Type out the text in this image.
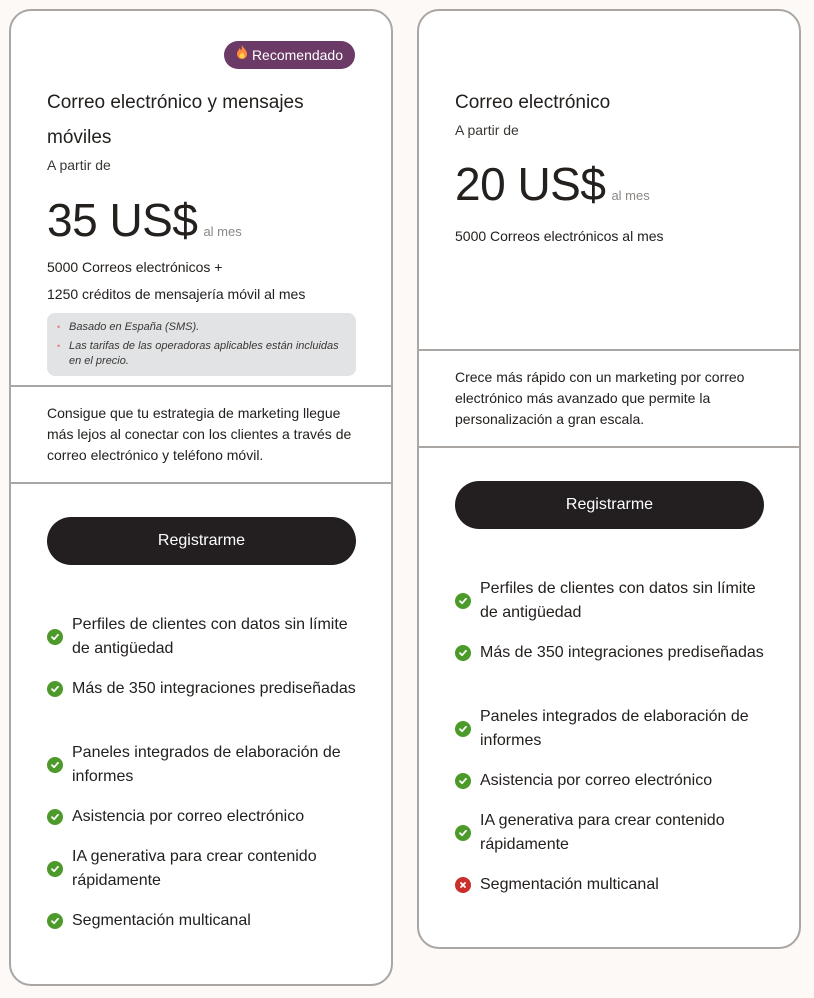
Recomendado
Correo electrónico y mensajes
móviles
A partir de
35 US$ al mes
5000 Correos electrónicos +
1250 créditos de mensajería móvil al mes
• Basado en España (SMS).
• Las tarifas de las operadoras aplicables están incluidas en el precio.
Consigue que tu estrategia de marketing llegue más lejos al conectar con los clientes a través de correo electrónico y teléfono móvil.
Registrarme
Perfiles de clientes con datos sin límite de antigüedad
Más de 350 integraciones prediseñadas
Paneles integrados de elaboración de informes
Asistencia por correo electrónico
IA generativa para crear contenido rápidamente
Segmentación multicanal
Correo electrónico
A partir de
20 US$ al mes
5000 Correos electrónicos al mes
Crece más rápido con un marketing por correo electrónico más avanzado que permite la personalización a gran escala.
Registrarme
Perfiles de clientes con datos sin límite de antigüedad
Más de 350 integraciones prediseñadas
Paneles integrados de elaboración de informes
Asistencia por correo electrónico
IA generativa para crear contenido rápidamente
Segmentación multicanal
